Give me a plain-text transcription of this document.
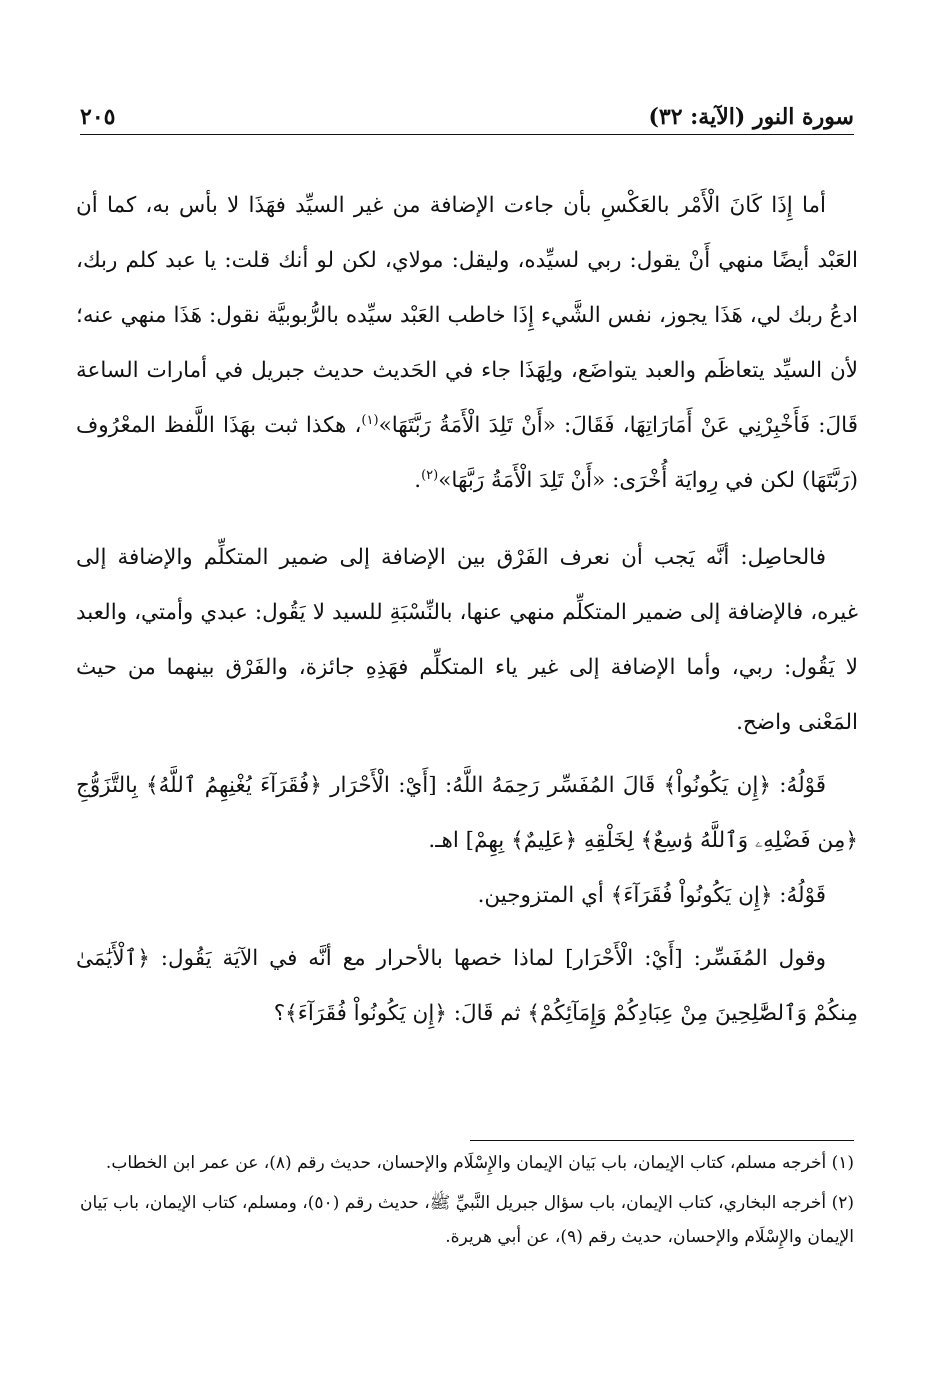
سورة النور (الآية: ٣٢)
٢٠٥

أما إِذَا كَانَ الْأَمْر بالعَكْسِ بأن جاءت الإضافة من غير السيِّد فهَذَا لا بأس به، كما أن العَبْد أيضًا منهي أَنْ يقول: ربي لسيِّده، وليقل: مولاي، لكن لو أنك قلت: يا عبد كلم ربك، ادعُ ربك لي، هَذَا يجوز، نفس الشَّيء إِذَا خاطب العَبْد سيِّده بالرُّبوبيَّة نقول: هَذَا منهي عنه؛ لأن السيِّد يتعاظَم والعبد يتواضَع، ولِهَذَا جاء في الحَديث حديث جبريل في أمارات الساعة قَالَ: فَأَخْبِرْنِي عَنْ أَمَارَاتِهَا، فَقَالَ: «أَنْ تَلِدَ الْأَمَةُ رَبَّتَهَا»$^{(١)}$، هكذا ثبت بهَذَا اللَّفظ المعْرُوف (رَبَّتَهَا) لكن في رِوايَة أُخْرَى: «أَنْ تَلِدَ الْأَمَةُ رَبَّهَا»$^{(٢)}$.

فالحاصِل: أنَّه يَجب أن نعرف الفَرْق بين الإضافة إلى ضمير المتكلِّم والإضافة إلى غيره، فالإضافة إلى ضمير المتكلِّم منهي عنها، بالنِّسْبَةِ للسيد لا يَقُول: عبدي وأمتي، والعبد لا يَقُول: ربي، وأما الإضافة إلى غير ياء المتكلِّم فهَذِهِ جائزة، والفَرْق بينهما من حيث المَعْنى واضح.

قَوْلُهُ: ﴿إِن يَكُونُواْ﴾ قَالَ المُفَسِّر رَحِمَهُ اللَّهُ: [أَيْ: الْأَحْرَار ﴿فُقَرَآءَ يُغْنِهِمُ ٱللَّهُ﴾ بِالتَّزَوُّجِ ﴿مِن فَضْلِهِۦ وَٱللَّهُ وَٰسِعٌ﴾ لِخَلْقِهِ ﴿عَلِيمٌ﴾ بِهِمْ] اهـ.

قَوْلُهُ: ﴿إِن يَكُونُواْ فُقَرَآءَ﴾ أي المتزوجين.

وقول المُفَسِّر: [أَيْ: الْأَحْرَار] لماذا خصها بالأحرار مع أنَّه في الآيَة يَقُول: ﴿ٱلْأَيَٰمَىٰ مِنكُمْ وَٱلصَّٰلِحِينَ مِنْ عِبَادِكُمْ وَإِمَآئِكُمْ﴾ ثم قَالَ: ﴿إِن يَكُونُواْ فُقَرَآءَ﴾؟

(١) أخرجه مسلم، كتاب الإيمان، باب بَيان الإيمان والإِسْلَام والإحسان، حديث رقم (٨)، عن عمر ابن الخطاب.

(٢) أخرجه البخاري، كتاب الإيمان، باب سؤال جبريل النَّبيِّ ﷺ، حديث رقم (٥٠)، ومسلم، كتاب الإيمان، باب بَيان الإيمان والإِسْلَام والإحسان، حديث رقم (٩)، عن أبي هريرة.
